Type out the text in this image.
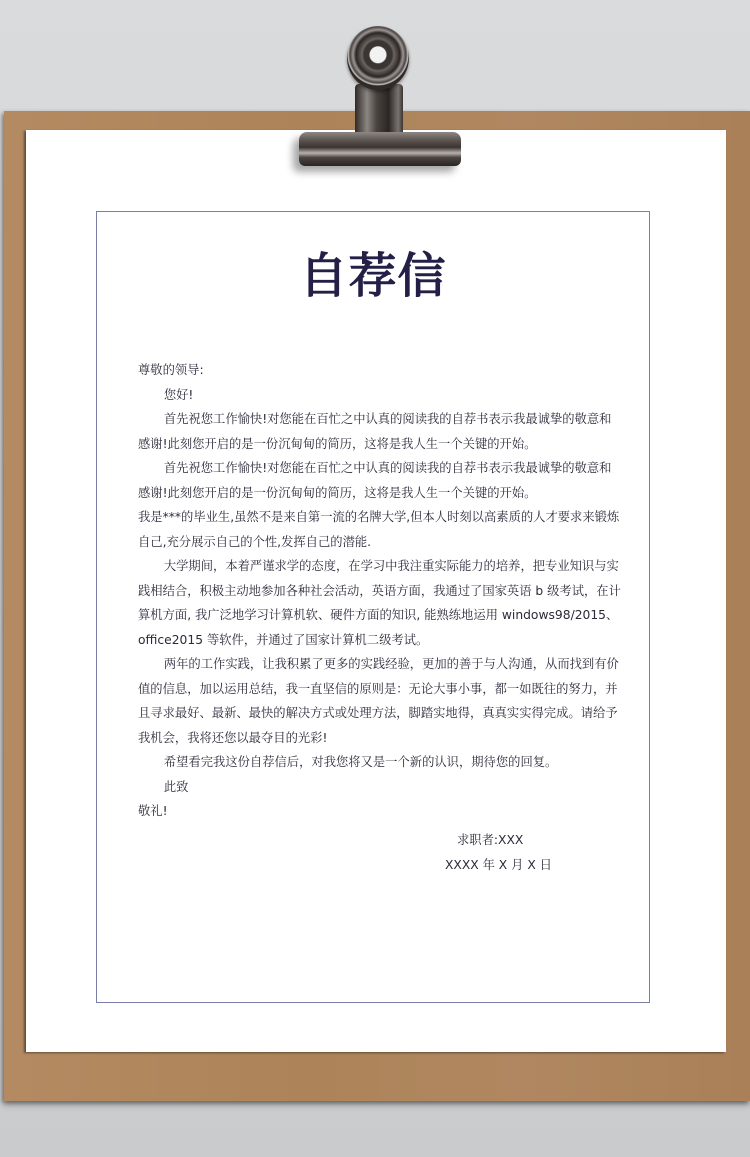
自荐信

尊敬的领导:

您好!

首先祝您工作愉快!对您能在百忙之中认真的阅读我的自荐书表示我最诚挚的敬意和感谢!此刻您开启的是一份沉甸甸的简历，这将是我人生一个关键的开始。

首先祝您工作愉快!对您能在百忙之中认真的阅读我的自荐书表示我最诚挚的敬意和感谢!此刻您开启的是一份沉甸甸的简历，这将是我人生一个关键的开始。

我是***的毕业生,虽然不是来自第一流的名牌大学,但本人时刻以高素质的人才要求来锻炼自己,充分展示自己的个性,发挥自己的潜能.

大学期间，本着严谨求学的态度，在学习中我注重实际能力的培养，把专业知识与实践相结合，积极主动地参加各种社会活动，英语方面，我通过了国家英语 b 级考试，在计算机方面, 我广泛地学习计算机软、硬件方面的知识, 能熟练地运用 windows98/2015、office2015 等软件，并通过了国家计算机二级考试。

两年的工作实践，让我积累了更多的实践经验，更加的善于与人沟通，从而找到有价值的信息，加以运用总结，我一直坚信的原则是：无论大事小事，都一如既往的努力，并且寻求最好、最新、最快的解决方式或处理方法，脚踏实地得，真真实实得完成。请给予我机会，我将还您以最夺目的光彩!

希望看完我这份自荐信后，对我您将又是一个新的认识，期待您的回复。

此致

敬礼!

求职者:XXX
XXXX 年 X 月 X 日
